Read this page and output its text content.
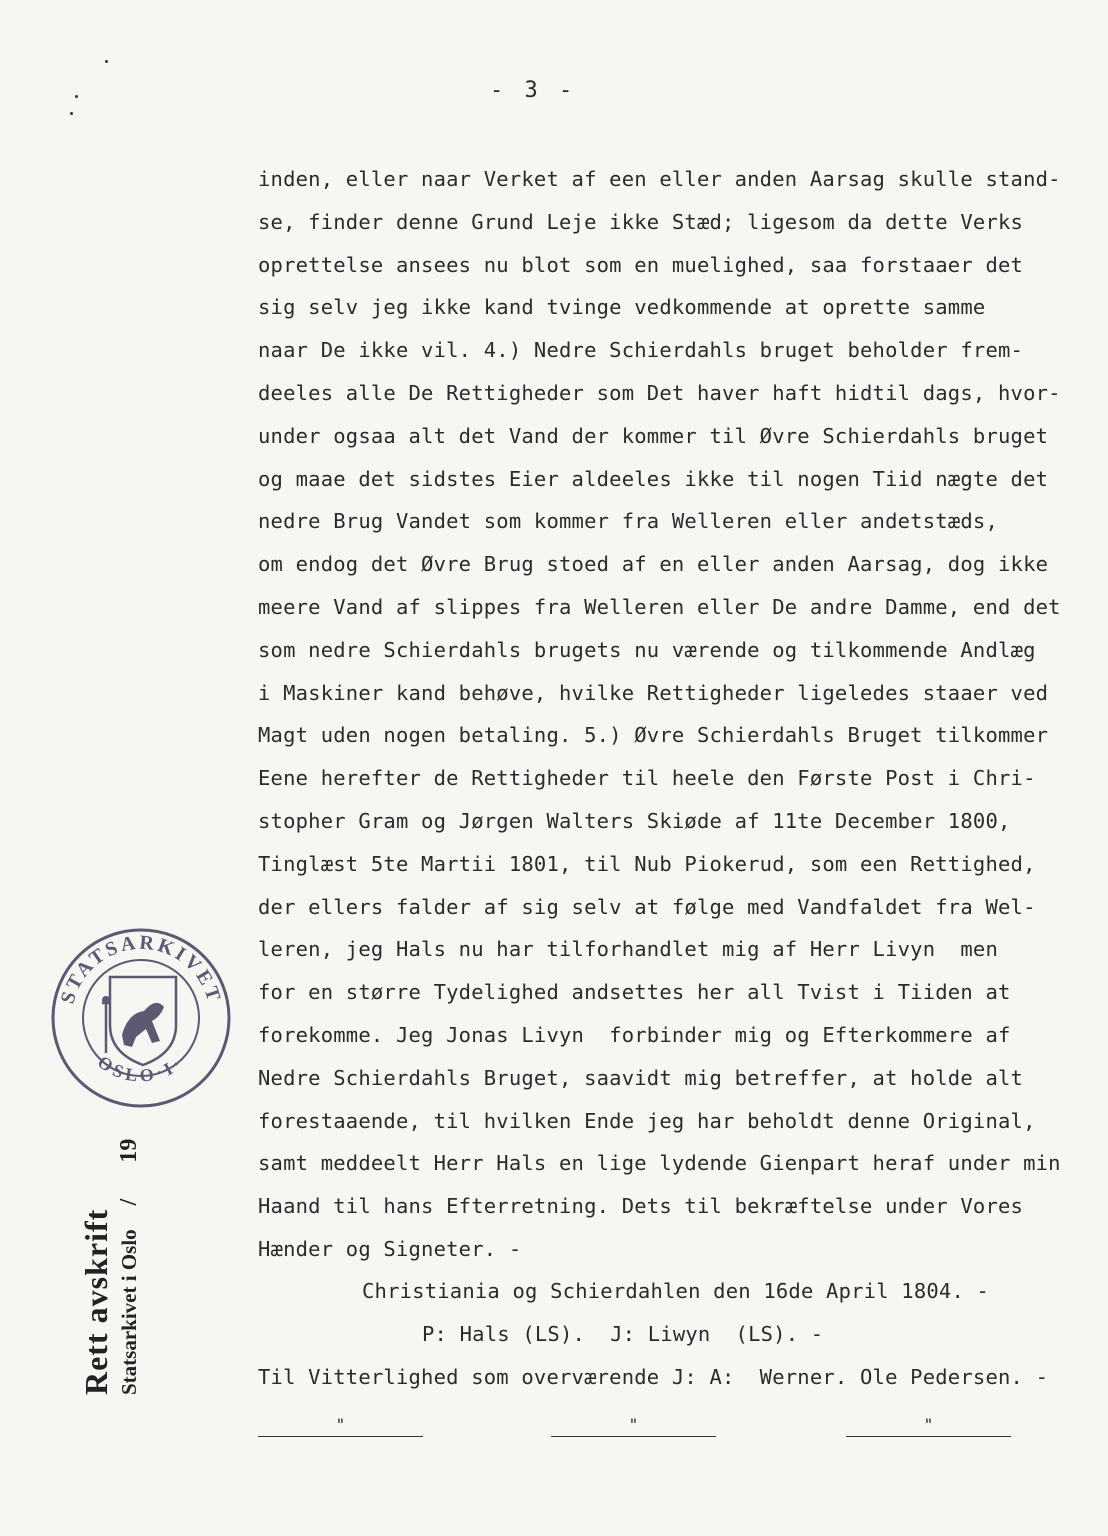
- 3 -
inden, eller naar Verket af een eller anden Aarsag skulle stand-
se, finder denne Grund Leje ikke Stæd; ligesom da dette Verks
oprettelse ansees nu blot som en muelighed, saa forstaaer det
sig selv jeg ikke kand tvinge vedkommende at oprette samme
naar De ikke vil. 4.) Nedre Schierdahls bruget beholder frem-
deeles alle De Rettigheder som Det haver haft hidtil dags, hvor-
under ogsaa alt det Vand der kommer til Øvre Schierdahls bruget
og maae det sidstes Eier aldeeles ikke til nogen Tiid nægte det
nedre Brug Vandet som kommer fra Welleren eller andetstæds,
om endog det Øvre Brug stoed af en eller anden Aarsag, dog ikke
meere Vand af slippes fra Welleren eller De andre Damme, end det
som nedre Schierdahls brugets nu værende og tilkommende Andlæg
i Maskiner kand behøve, hvilke Rettigheder ligeledes staaer ved
Magt uden nogen betaling. 5.) Øvre Schierdahls Bruget tilkommer
Eene herefter de Rettigheder til heele den Første Post i Chri-
stopher Gram og Jørgen Walters Skiøde af 11te December 1800,
Tinglæst 5te Martii 1801, til Nub Piokerud, som een Rettighed,
der ellers falder af sig selv at følge med Vandfaldet fra Wel-
leren, jeg Hals nu har tilforhandlet mig af Herr Livyn  men
for en større Tydelighed andsettes her all Tvist i Tiiden at
forekomme. Jeg Jonas Livyn  forbinder mig og Efterkommere af
Nedre Schierdahls Bruget, saavidt mig betreffer, at holde alt
forestaaende, til hvilken Ende jeg har beholdt denne Original,
samt meddeelt Herr Hals en lige lydende Gienpart heraf under min
Haand til hans Efterretning. Dets til bekræftelse under Vores
Hænder og Signeter. -
Christiania og Schierdahlen den 16de April 1804. -
P: Hals (LS).  J: Liwyn  (LS). -
Til Vitterlighed som overværende J: A:  Werner. Ole Pedersen. -
"	"	"
STATSARKIVET
OSLO·I·
Rett avskrift Statsarkivet i Oslo
/
19
